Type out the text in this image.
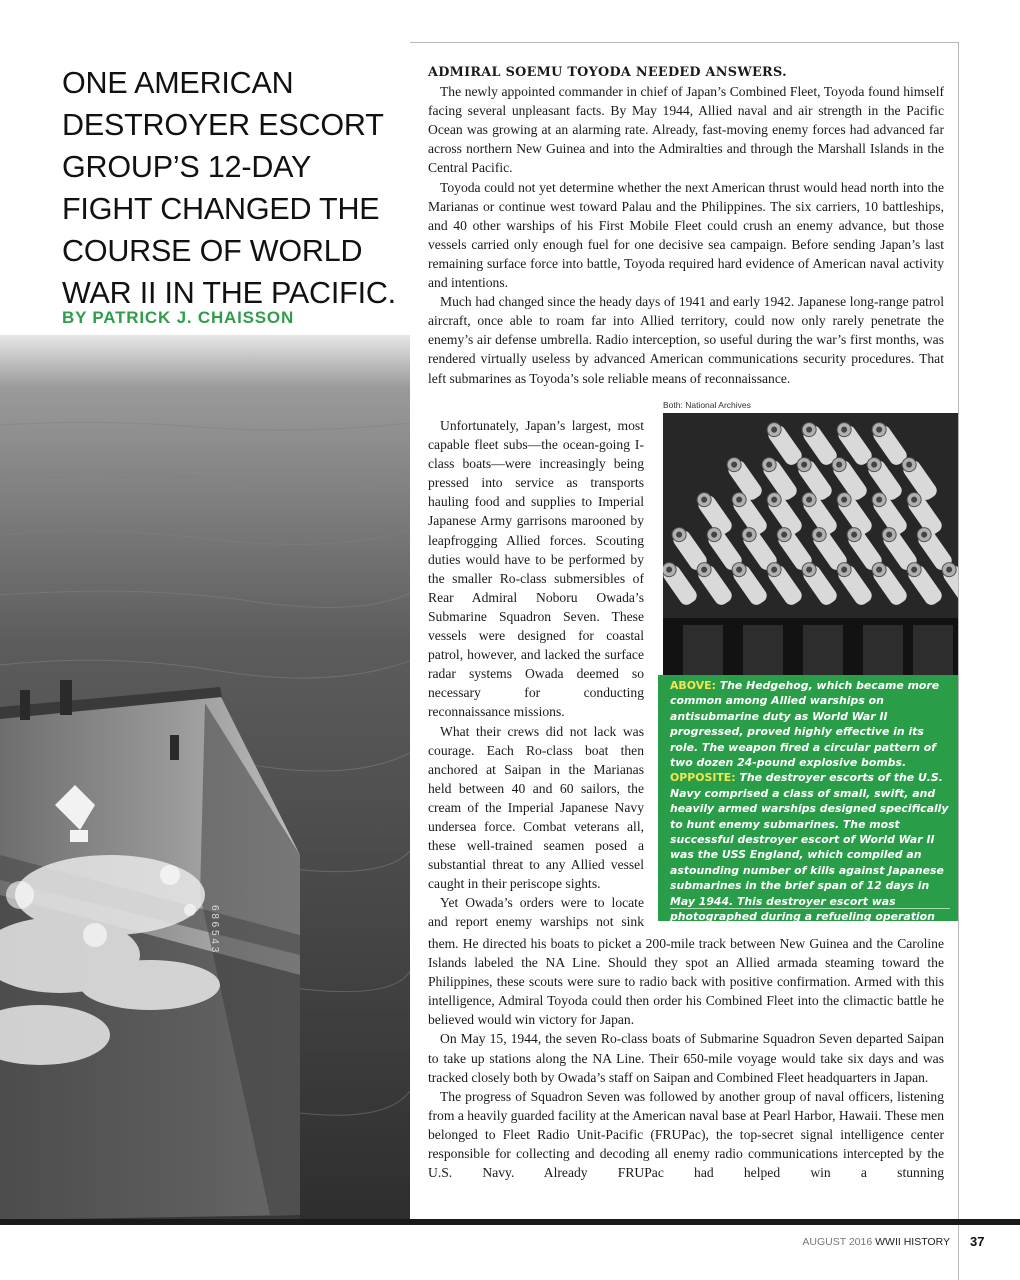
6 8 6 5 4 3
ONE AMERICAN DESTROYER ESCORT GROUP’S 12-DAY FIGHT CHANGED THE COURSE OF WORLD WAR II IN THE PACIFIC.

BY PATRICK J. CHAISSON

ADMIRAL SOEMU TOYODA NEEDED ANSWERS.
The newly appointed commander in chief of Japan’s Combined Fleet, Toyoda found himself facing several unpleasant facts. By May 1944, Allied naval and air strength in the Pacific Ocean was growing at an alarming rate. Already, fast-moving enemy forces had advanced far across northern New Guinea and into the Admiralties and through the Marshall Islands in the Central Pacific.

Toyoda could not yet determine whether the next American thrust would head north into the Marianas or continue west toward Palau and the Philippines. The six carriers, 10 battleships, and 40 other warships of his First Mobile Fleet could crush an enemy advance, but those vessels carried only enough fuel for one decisive sea campaign. Before sending Japan’s last remaining surface force into battle, Toyoda required hard evidence of American naval activity and intentions.

Much had changed since the heady days of 1941 and early 1942. Japanese long-range patrol aircraft, once able to roam far into Allied territory, could now only rarely penetrate the enemy’s air defense umbrella. Radio interception, so useful during the war’s first months, was rendered virtually useless by advanced American communications security procedures. That left submarines as Toyoda’s sole reliable means of reconnaissance.

Unfortunately, Japan’s largest, most capable fleet subs—the ocean-going I-class boats—were increasingly being pressed into service as transports hauling food and supplies to Imperial Japanese Army garrisons marooned by leapfrogging Allied forces. Scouting duties would have to be performed by the smaller Ro-class submersibles of Rear Admiral Noboru Owada’s Submarine Squadron Seven. These vessels were designed for coastal patrol, however, and lacked the surface radar systems Owada deemed so necessary for conducting reconnaissance missions.

What their crews did not lack was courage. Each Ro-class boat then anchored at Saipan in the Marianas held between 40 and 60 sailors, the cream of the Imperial Japanese Navy undersea force. Combat veterans all, these well-trained seamen posed a substantial threat to any Allied vessel caught in their periscope sights.

Yet Owada’s orders were to locate and report enemy warships not sink

them. He directed his boats to picket a 200-mile track between New Guinea and the Caroline Islands labeled the NA Line. Should they spot an Allied armada steaming toward the Philippines, these scouts were sure to radio back with positive confirmation. Armed with this intelligence, Admiral Toyoda could then order his Combined Fleet into the climactic battle he believed would win victory for Japan.

On May 15, 1944, the seven Ro-class boats of Submarine Squadron Seven departed Saipan to take up stations along the NA Line. Their 650-mile voyage would take six days and was tracked closely both by Owada’s staff on Saipan and Combined Fleet headquarters in Japan.

The progress of Squadron Seven was followed by another group of naval officers, listening from a heavily guarded facility at the American naval base at Pearl Harbor, Hawaii. These men belonged to Fleet Radio Unit-Pacific (FRUPac), the top-secret signal intelligence center responsible for collecting and decoding all enemy radio communications intercepted by the U.S. Navy. Already FRUPac had helped win a stunning

Both: National Archives

ABOVE: The Hedgehog, which became more common among Allied warships on antisubmarine duty as World War II progressed, proved highly effective in its role. The weapon fired a circular pattern of two dozen 24-pound explosive bombs.

OPPOSITE: The destroyer escorts of the U.S. Navy comprised a class of small, swift, and heavily armed warships designed specifically to hunt enemy submarines. The most successful destroyer escort of World War II was the USS England, which compiled an astounding number of kills against Japanese submarines in the brief span of 12 days in May 1944. This destroyer escort was photographed during a refueling operation in August 1944.

AUGUST 2016 WWII HISTORY 37
